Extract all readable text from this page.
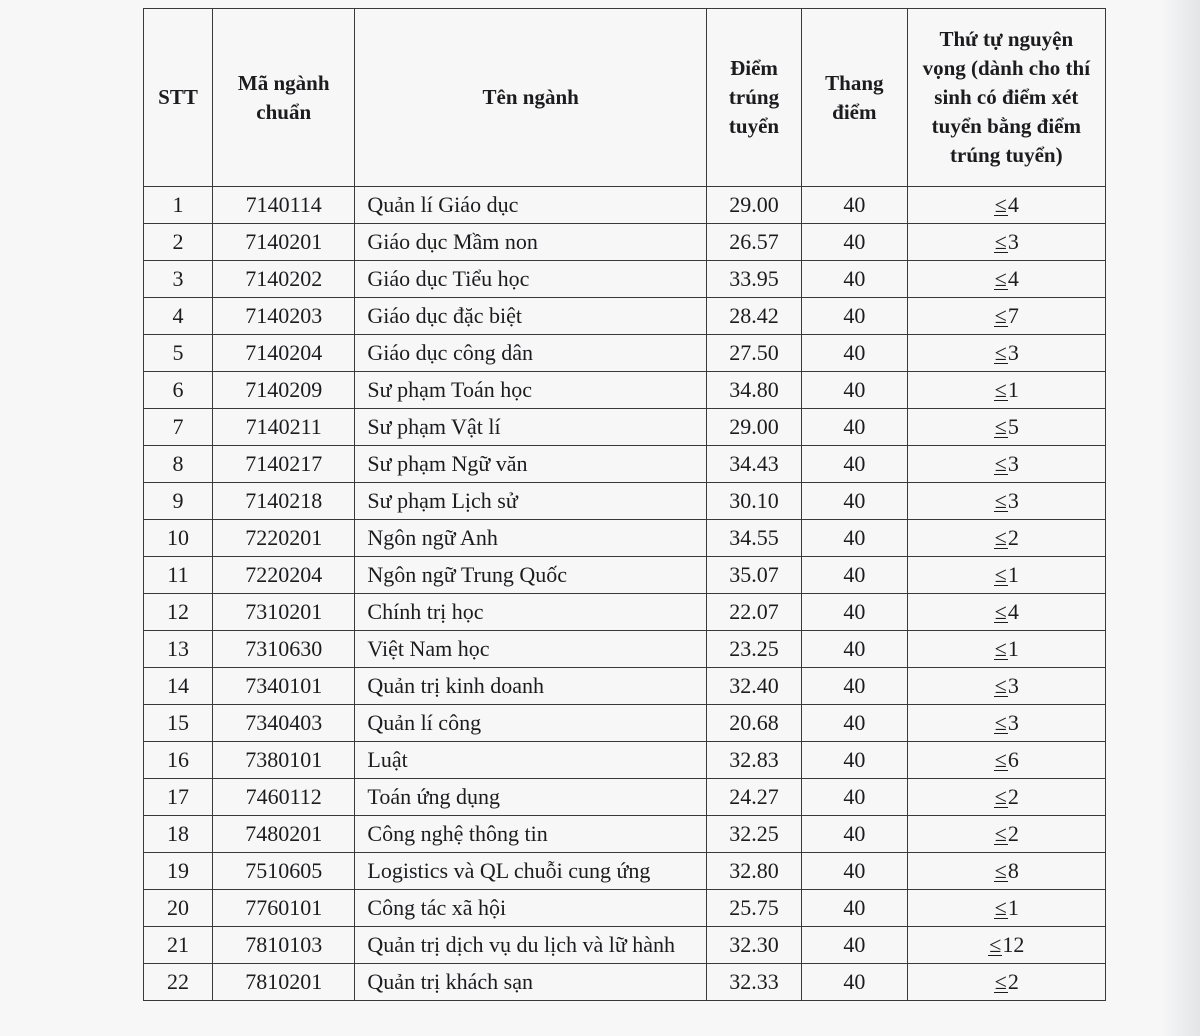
STT	Mã ngành chuẩn	Tên ngành	Điểm trúng tuyển	Thang điểm	Thứ tự nguyện vọng (dành cho thí sinh có điểm xét tuyển bằng điểm trúng tuyển)
1	7140114	Quản lí Giáo dục	29.00	40	≤4
2	7140201	Giáo dục Mầm non	26.57	40	≤3
3	7140202	Giáo dục Tiểu học	33.95	40	≤4
4	7140203	Giáo dục đặc biệt	28.42	40	≤7
5	7140204	Giáo dục công dân	27.50	40	≤3
6	7140209	Sư phạm Toán học	34.80	40	≤1
7	7140211	Sư phạm Vật lí	29.00	40	≤5
8	7140217	Sư phạm Ngữ văn	34.43	40	≤3
9	7140218	Sư phạm Lịch sử	30.10	40	≤3
10	7220201	Ngôn ngữ Anh	34.55	40	≤2
11	7220204	Ngôn ngữ Trung Quốc	35.07	40	≤1
12	7310201	Chính trị học	22.07	40	≤4
13	7310630	Việt Nam học	23.25	40	≤1
14	7340101	Quản trị kinh doanh	32.40	40	≤3
15	7340403	Quản lí công	20.68	40	≤3
16	7380101	Luật	32.83	40	≤6
17	7460112	Toán ứng dụng	24.27	40	≤2
18	7480201	Công nghệ thông tin	32.25	40	≤2
19	7510605	Logistics và QL chuỗi cung ứng	32.80	40	≤8
20	7760101	Công tác xã hội	25.75	40	≤1
21	7810103	Quản trị dịch vụ du lịch và lữ hành	32.30	40	≤12
22	7810201	Quản trị khách sạn	32.33	40	≤2
